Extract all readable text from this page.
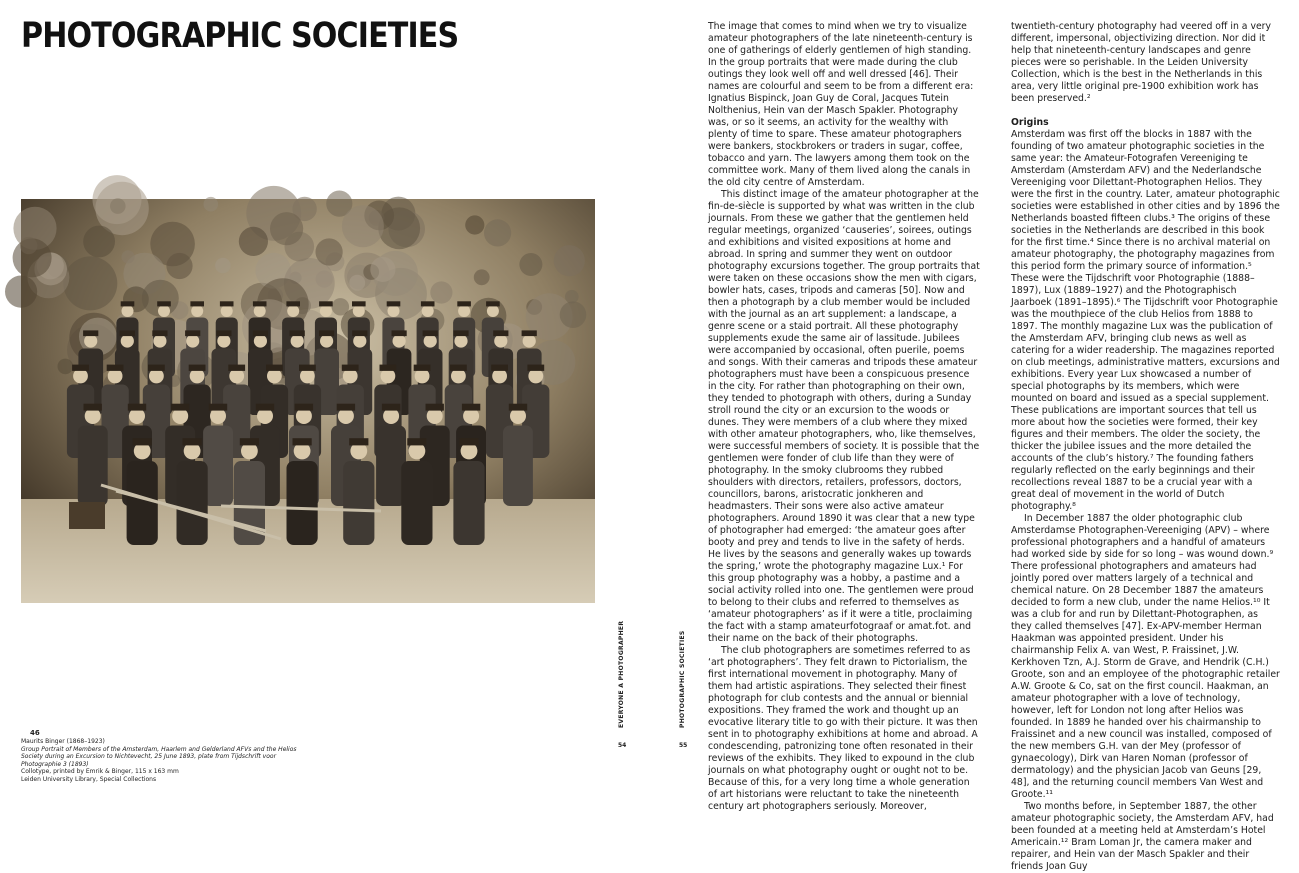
PHOTOGRAPHIC SOCIETIES
46
Maurits Binger (1868–1923)
Group Portrait of Members of the Amsterdam, Haarlem and Gelderland AFVs and the Helios
Society during an Excursion to Nichtevecht, 25 June 1893, plate from Tijdschrift voor
Photographie 3 (1893)
Collotype, printed by Emrik & Binger, 115 x 163 mm
Leiden University Library, Special Collections
EVERYONE A PHOTOGRAPHER	PHOTOGRAPHIC SOCIETIES
54	55

The image that comes to mind when we try to visualize amateur photographers of the late nineteenth-century is one of gatherings of elderly gentlemen of high standing. In the group portraits that were made during the club outings they look well off and well dressed [46]. Their names are colourful and seem to be from a different era: Ignatius Bispinck, Joan Guy de Coral, Jacques Tutein Nolthenius, Hein van der Masch Spakler. Photography was, or so it seems, an activity for the wealthy with plenty of time to spare. These amateur photographers were bankers, stockbrokers or traders in sugar, coffee, tobacco and yarn. The lawyers among them took on the committee work. Many of them lived along the canals in the old city centre of Amsterdam.

This distinct image of the amateur photographer at the fin-de-siècle is supported by what was written in the club journals. From these we gather that the gentlemen held regular meetings, organized ‘causeries’, soirees, outings and exhibitions and visited expositions at home and abroad. In spring and summer they went on outdoor photography excursions together. The group portraits that were taken on these occasions show the men with cigars, bowler hats, cases, tripods and cameras [50]. Now and then a photograph by a club member would be included with the journal as an art supplement: a landscape, a genre scene or a staid portrait. All these photography supplements exude the same air of lassitude. Jubilees were accompanied by occasional, often puerile, poems and songs. With their cameras and tripods these amateur photographers must have been a conspicuous presence in the city. For rather than photographing on their own, they tended to photograph with others, during a Sunday stroll round the city or an excursion to the woods or dunes. They were members of a club where they mixed with other amateur photographers, who, like themselves, were successful members of society. It is possible that the gentlemen were fonder of club life than they were of photography. In the smoky clubrooms they rubbed shoulders with directors, retailers, professors, doctors, councillors, barons, aristocratic jonkheren and headmasters. Their sons were also active amateur photographers. Around 1890 it was clear that a new type of photographer had emerged: ‘the amateur goes after booty and prey and tends to live in the safety of herds. He lives by the seasons and generally wakes up towards the spring,’ wrote the photography magazine Lux.¹ For this group photography was a hobby, a pastime and a social activity rolled into one. The gentlemen were proud to belong to their clubs and referred to themselves as ‘amateur photographers’ as if it were a title, proclaiming the fact with a stamp amateurfotograaf or amat.fot. and their name on the back of their photographs.

The club photographers are sometimes referred to as ‘art photographers’. They felt drawn to Pictorialism, the first international movement in photography. Many of them had artistic aspirations. They selected their finest photograph for club contests and the annual or biennial expositions. They framed the work and thought up an evocative literary title to go with their picture. It was then sent in to photography exhibitions at home and abroad. A condescending, patronizing tone often resonated in their reviews of the exhibits. They liked to expound in the club journals on what photography ought or ought not to be. Because of this, for a very long time a whole generation of art historians were reluctant to take the nineteenth century art photographers seriously. Moreover,

twentieth-century photography had veered off in a very different, impersonal, objectivizing direction. Nor did it help that nineteenth-century landscapes and genre pieces were so perishable. In the Leiden University Collection, which is the best in the Netherlands in this area, very little original pre-1900 exhibition work has been preserved.²

Origins

Amsterdam was first off the blocks in 1887 with the founding of two amateur photographic societies in the same year: the Amateur-Fotografen Vereeniging te Amsterdam (Amsterdam AFV) and the Nederlandsche Vereeniging voor Dilettant-Photographen Helios. They were the first in the country. Later, amateur photographic societies were established in other cities and by 1896 the Netherlands boasted fifteen clubs.³ The origins of these societies in the Netherlands are described in this book for the first time.⁴ Since there is no archival material on amateur photography, the photography magazines from this period form the primary source of information.⁵ These were the Tijdschrift voor Photographie (1888–1897), Lux (1889–1927) and the Photographisch Jaarboek (1891–1895).⁶ The Tijdschrift voor Photographie was the mouthpiece of the club Helios from 1888 to 1897. The monthly magazine Lux was the publication of the Amsterdam AFV, bringing club news as well as catering for a wider readership. The magazines reported on club meetings, administrative matters, excursions and exhibitions. Every year Lux showcased a number of special photographs by its members, which were mounted on board and issued as a special supplement. These publications are important sources that tell us more about how the societies were formed, their key figures and their members. The older the society, the thicker the jubilee issues and the more detailed the accounts of the club’s history.⁷ The founding fathers regularly reflected on the early beginnings and their recollections reveal 1887 to be a crucial year with a great deal of movement in the world of Dutch photography.⁸

In December 1887 the older photographic club Amsterdamse Photographen-Vereeniging (APV) – where professional photographers and a handful of amateurs had worked side by side for so long – was wound down.⁹ There professional photographers and amateurs had jointly pored over matters largely of a technical and chemical nature. On 28 December 1887 the amateurs decided to form a new club, under the name Helios.¹⁰ It was a club for and run by Dilettant-Photographen, as they called themselves [47]. Ex-APV-member Herman Haakman was appointed president. Under his chairmanship Felix A. van West, P. Fraissinet, J.W. Kerkhoven Tzn, A.J. Storm de Grave, and Hendrik (C.H.) Groote, son and an employee of the photographic retailer A.W. Groote & Co, sat on the first council. Haakman, an amateur photographer with a love of technology, however, left for London not long after Helios was founded. In 1889 he handed over his chairmanship to Fraissinet and a new council was installed, composed of the new members G.H. van der Mey (professor of gynaecology), Dirk van Haren Noman (professor of dermatology) and the physician Jacob van Geuns [29, 48], and the returning council members Van West and Groote.¹¹

Two months before, in September 1887, the other amateur photographic society, the Amsterdam AFV, had been founded at a meeting held at Amsterdam’s Hotel Americain.¹² Bram Loman Jr, the camera maker and repairer, and Hein van der Masch Spakler and their friends Joan Guy
